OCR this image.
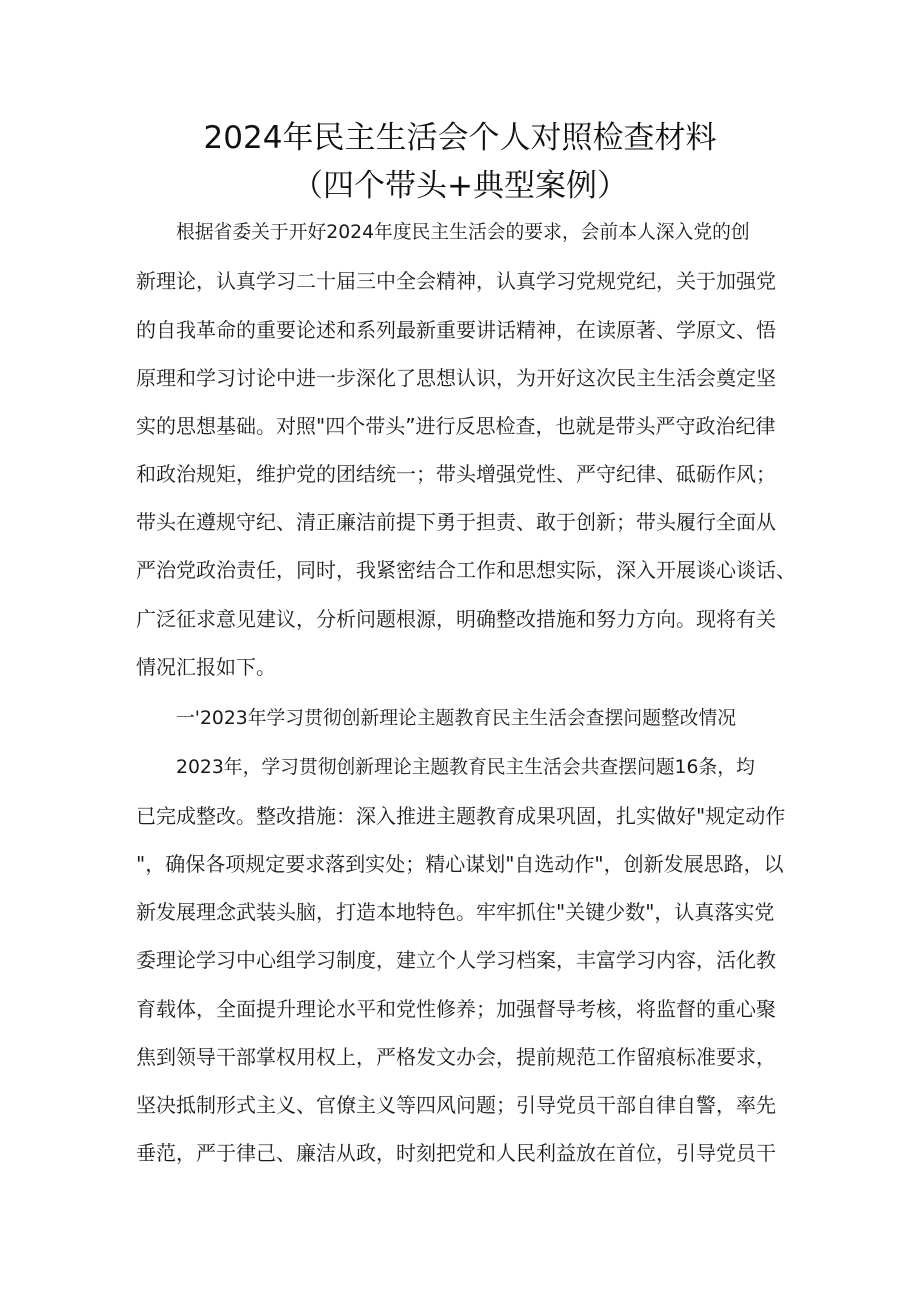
2024年民主生活会个人对照检查材料
（四个带头+典型案例）
根据省委关于开好2024年度民主生活会的要求，会前本人深入党的创
新理论，认真学习二十届三中全会精神，认真学习党规党纪，关于加强党
的自我革命的重要论述和系列最新重要讲话精神，在读原著、学原文、悟
原理和学习讨论中进一步深化了思想认识，为开好这次民主生活会奠定坚
实的思想基础。对照"四个带头”进行反思检查，也就是带头严守政治纪律
和政治规矩，维护党的团结统一；带头增强党性、严守纪律、砥砺作风；
带头在遵规守纪、清正廉洁前提下勇于担责、敢于创新；带头履行全面从
严治党政治责任，同时，我紧密结合工作和思想实际，深入开展谈心谈话、
广泛征求意见建议，分析问题根源，明确整改措施和努力方向。现将有关
情况汇报如下。
一'2023年学习贯彻创新理论主题教育民主生活会查摆问题整改情况
2023年，学习贯彻创新理论主题教育民主生活会共查摆问题16条，均
已完成整改。整改措施：深入推进主题教育成果巩固，扎实做好"规定动作
"，确保各项规定要求落到实处；精心谋划"自选动作"，创新发展思路，以
新发展理念武装头脑，打造本地特色。牢牢抓住"关键少数"，认真落实党
委理论学习中心组学习制度，建立个人学习档案，丰富学习内容，活化教
育载体，全面提升理论水平和党性修养；加强督导考核，将监督的重心聚
焦到领导干部掌权用权上，严格发文办会，提前规范工作留痕标准要求，
坚决抵制形式主义、官僚主义等四风问题；引导党员干部自律自警，率先
垂范，严于律己、廉洁从政，时刻把党和人民利益放在首位，引导党员干
